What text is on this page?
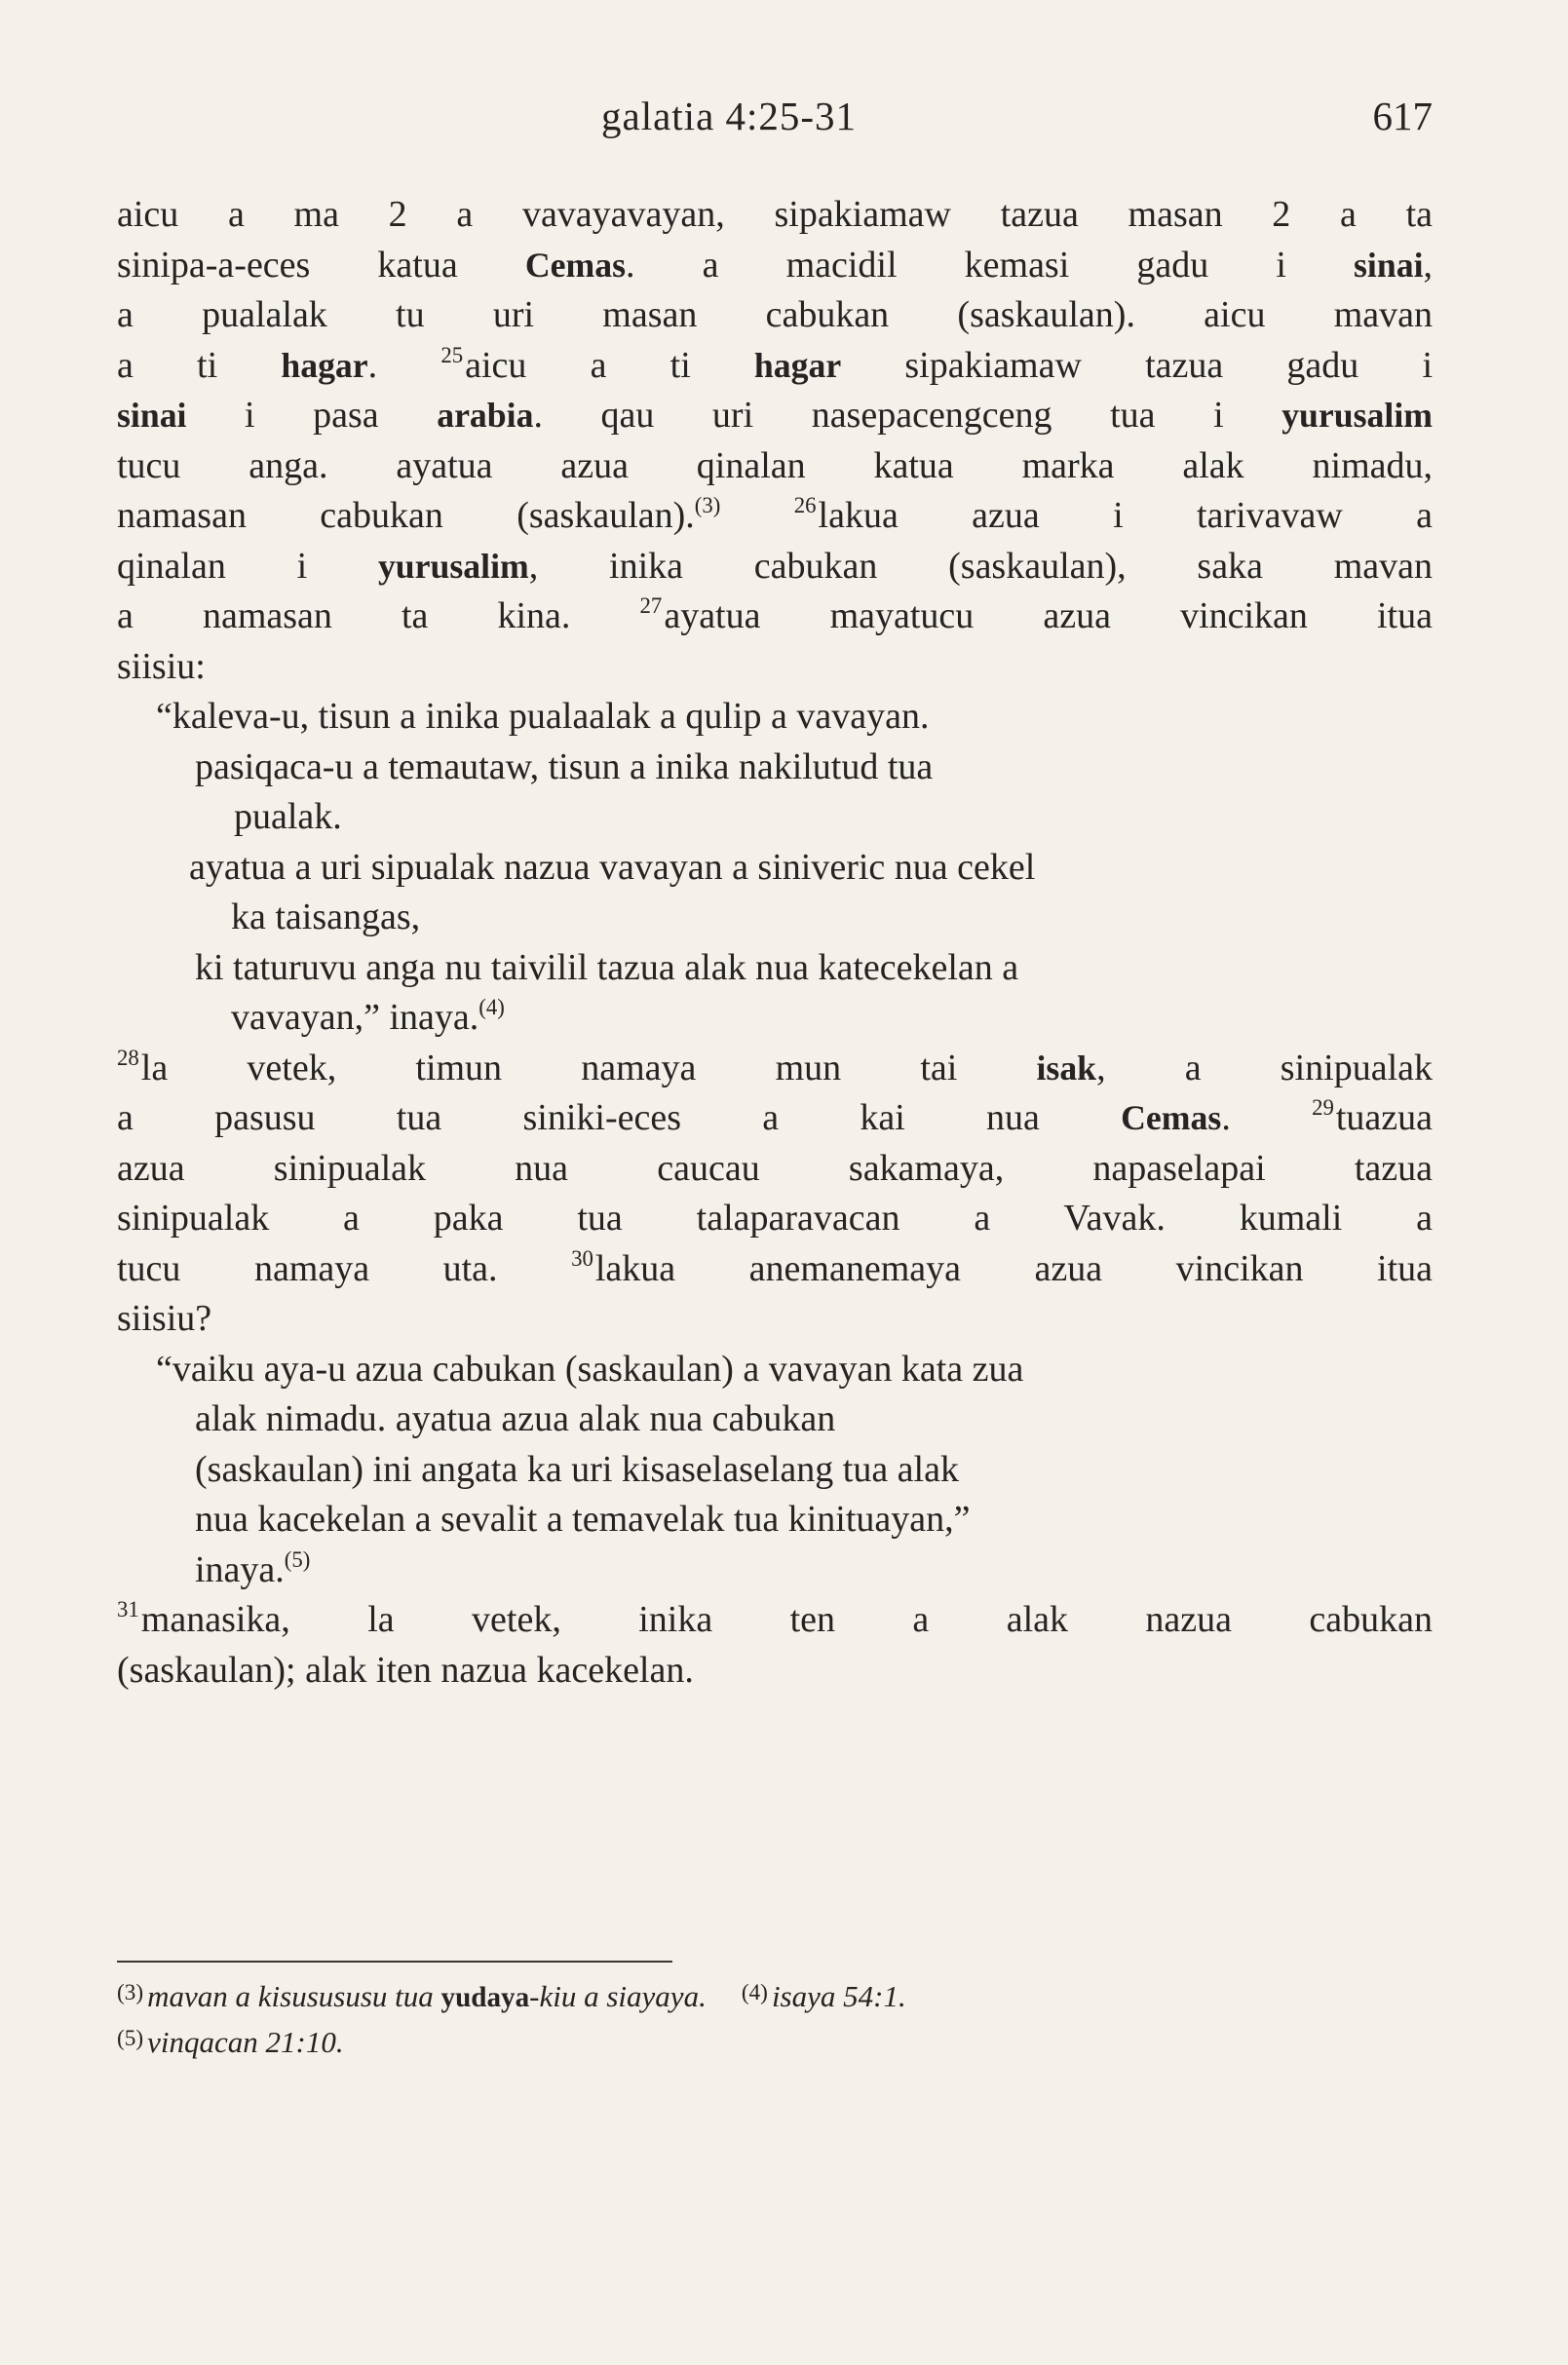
galatia 4:25-31	617
aicu a ma 2 a vavayavayan, sipakiamaw tazua masan 2 a ta
sinipa-a-eces katua Cemas. a macidil kemasi gadu i sinai,
a pualalak tu uri masan cabukan (saskaulan). aicu mavan
a ti hagar. $^{25}$aicu a ti hagar sipakiamaw tazua gadu i
sinai i pasa arabia. qau uri nasepacengceng tua i yurusalim
tucu anga. ayatua azua qinalan katua marka alak nimadu,
namasan cabukan (saskaulan).$^{(3)}$	$^{26}$lakua azua i tarivavaw a
qinalan i yurusalim, inika cabukan (saskaulan), saka mavan
a namasan ta kina. $^{27}$ayatua mayatucu azua vincikan itua
siisiu:
“kaleva-u, tisun a inika pualaalak a qulip a vavayan.
pasiqaca-u a temautaw, tisun a inika nakilutud tua
pualak.
ayatua a uri sipualak nazua vavayan a siniveric nua cekel
ka taisangas,
ki taturuvu anga nu taivilil tazua alak nua katecekelan a
vavayan,” inaya.$^{(4)}$
$^{28}$la vetek, timun namaya mun tai isak, a sinipualak
a pasusu tua siniki-eces a kai nua Cemas. $^{29}$tuazua
azua sinipualak nua caucau sakamaya, napaselapai tazua
sinipualak a paka tua talaparavacan a Vavak. kumali a
tucu namaya uta. $^{30}$lakua anemanemaya azua vincikan itua
siisiu?
“vaiku aya-u azua cabukan (saskaulan) a vavayan kata zua
alak nimadu. ayatua azua alak nua cabukan
(saskaulan) ini angata ka uri kisaselaselang tua alak
nua kacekelan a sevalit a temavelak tua kinituayan,”
inaya.$^{(5)}$
$^{31}$manasika, la vetek, inika ten a alak nazua cabukan
(saskaulan); alak iten nazua kacekelan.
$^{(3)}$ mavan a kisusususu tua yudaya-kiu a siayaya. $^{(4)}$ isaya 54:1.
$^{(5)}$ vinqacan 21:10.
